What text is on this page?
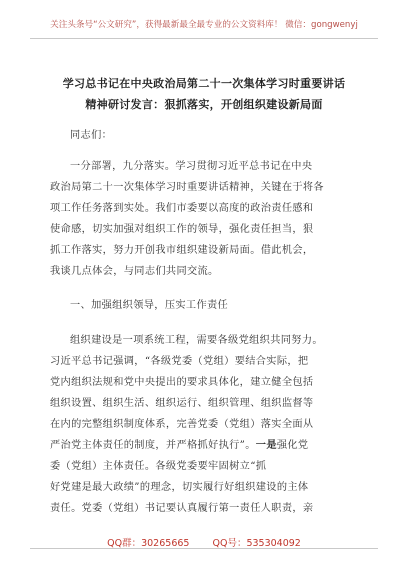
关注头条号“公文研究”，获得最新最全最专业的公文资料库！ 微信：gongwenyj
学习总书记在中央政治局第二十一次集体学习时重要讲话
精神研讨发言：狠抓落实，开创组织建设新局面
同志们：
一分部署，九分落实。学习贯彻习近平总书记在中央
政治局第二十一次集体学习时重要讲话精神，关键在于将各
项工作任务落到实处。我们市委要以高度的政治责任感和
使命感，切实加强对组织工作的领导，强化责任担当，狠
抓工作落实，努力开创我市组织建设新局面。借此机会，
我谈几点体会，与同志们共同交流。
一、加强组织领导，压实工作责任
组织建设是一项系统工程，需要各级党组织共同努力。
习近平总书记强调，“各级党委（党组）要结合实际，把
党内组织法规和党中央提出的要求具体化，建立健全包括
组织设置、组织生活、组织运行、组织管理、组织监督等
在内的完整组织制度体系，完善党委（党组）落实全面从
严治党主体责任的制度，并严格抓好执行”。一是强化党
委（党组）主体责任。各级党委要牢固树立“抓
好党建是最大政绩”的理念，切实履行好组织建设的主体
责任。党委（党组）书记要认真履行第一责任人职责，亲
QQ群：30265665 QQ号：535304092
